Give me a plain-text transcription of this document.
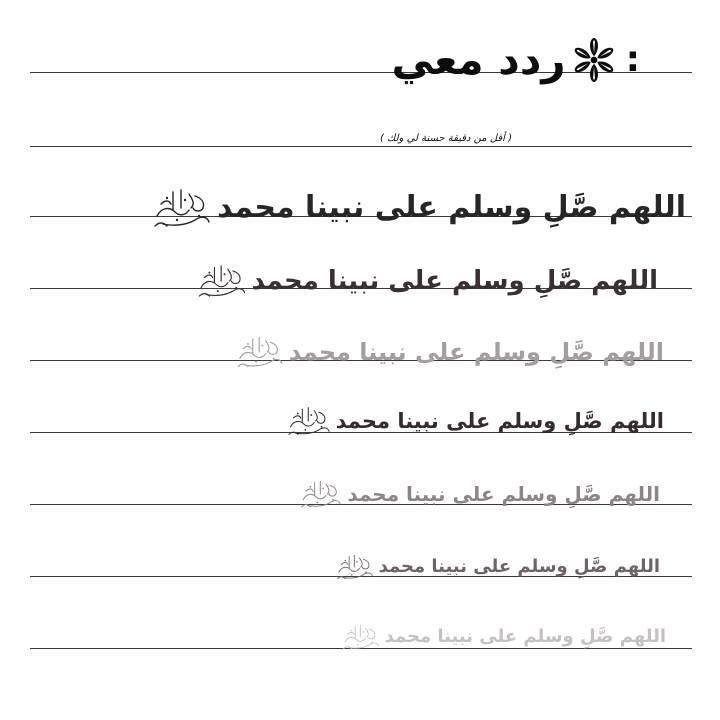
ردد معي :
( أقل من دقيقة حسنة لي ولك )
اللهم صَّلِ وسلم على نبينا محمد
اللهم صَّلِ وسلم على نبينا محمد
اللهم صَّلِ وسلم على نبينا محمد
اللهم صَّلِ وسلم على نبينا محمد
اللهم صَّلِ وسلم على نبينا محمد
اللهم صَّلِ وسلم على نبينا محمد
اللهم صَّلِ وسلم على نبينا محمد
